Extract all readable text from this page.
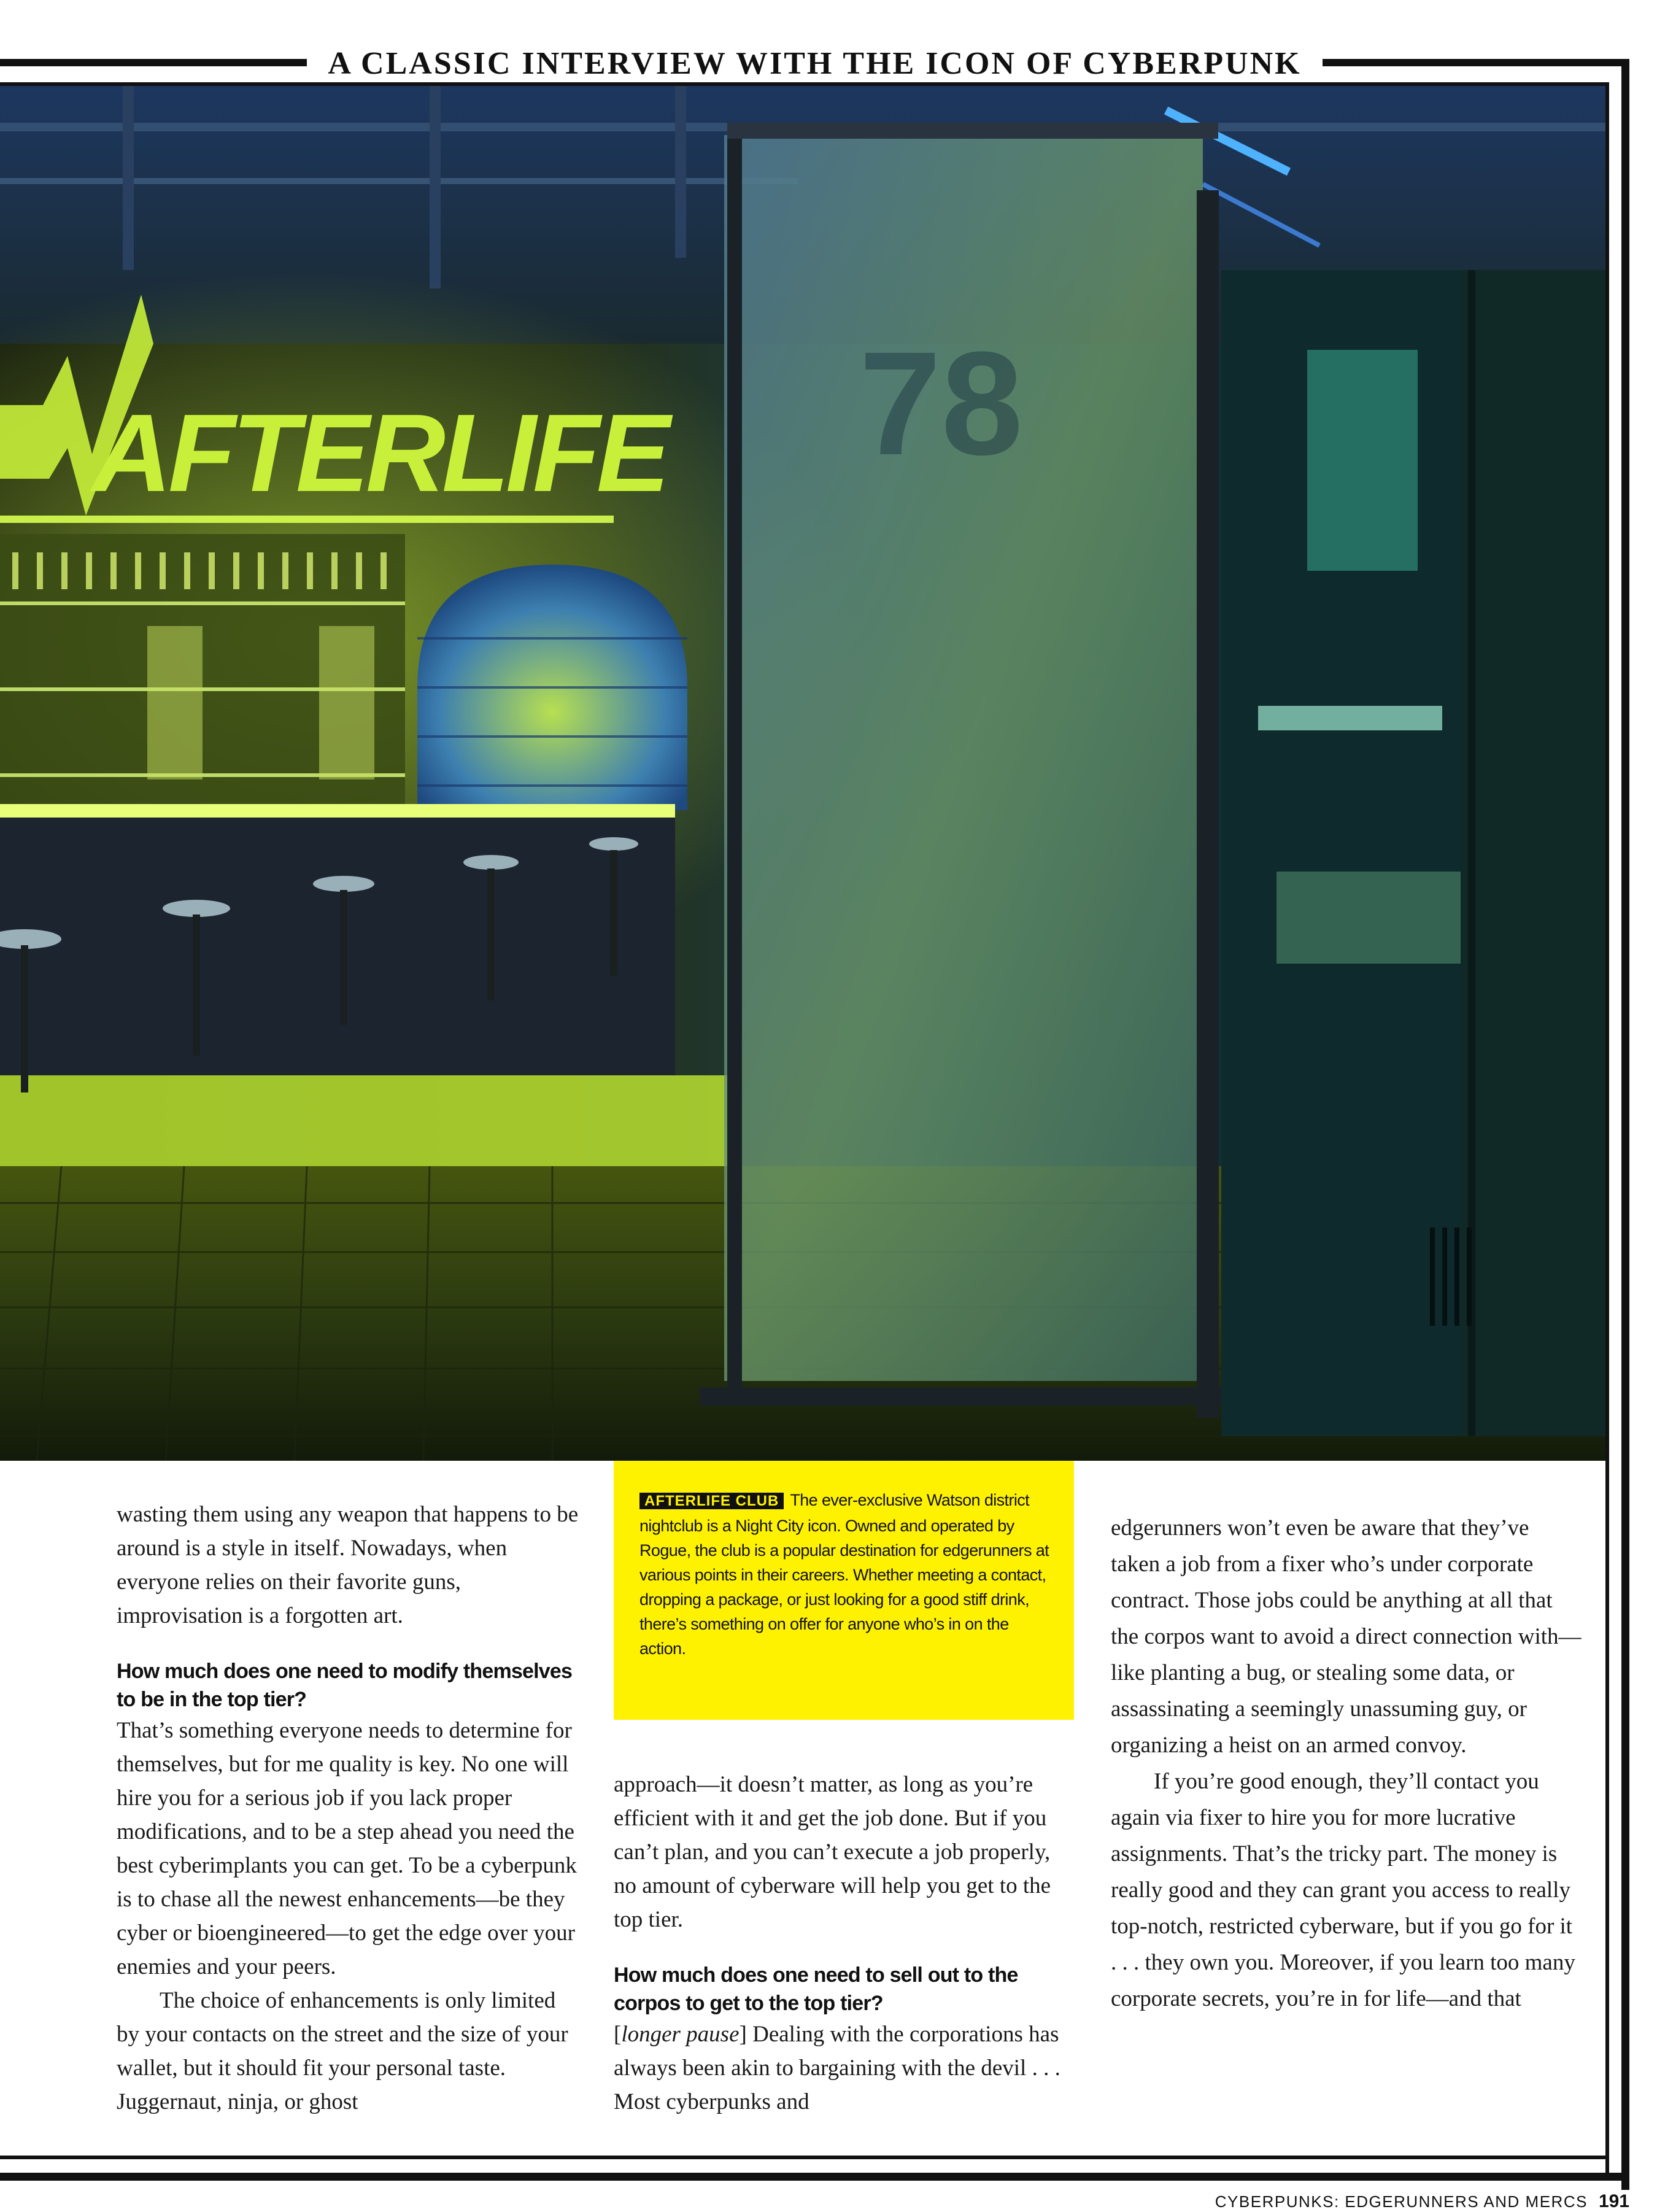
A CLASSIC INTERVIEW WITH THE ICON OF CYBERPUNK
AFTERLIFE 78

wasting them using any weapon that happens to be around is a style in itself. Nowadays, when everyone relies on their favorite guns, improvisation is a forgotten art.

How much does one need to modify themselves to be in the top tier?

That’s something everyone needs to determine for themselves, but for me quality is key. No one will hire you for a serious job if you lack proper modifications, and to be a step ahead you need the best cyberimplants you can get. To be a cyberpunk is to chase all the newest enhancements—be they cyber or bioengineered—to get the edge over your enemies and your peers.

The choice of enhancements is only limited by your contacts on the street and the size of your wallet, but it should fit your personal taste. Juggernaut, ninja, or ghost

AFTERLIFE CLUB The ever-exclusive Watson district nightclub is a Night City icon. Owned and operated by Rogue, the club is a popular destination for edgerunners at various points in their careers. Whether meeting a contact, dropping a package, or just looking for a good stiff drink, there’s something on offer for anyone who’s in on the action.

approach—it doesn’t matter, as long as you’re efficient with it and get the job done. But if you can’t plan, and you can’t execute a job properly, no amount of cyberware will help you get to the top tier.

How much does one need to sell out to the corpos to get to the top tier?

[longer pause] Dealing with the corporations has always been akin to bargaining with the devil . . . Most cyberpunks and

edgerunners won’t even be aware that they’ve taken a job from a fixer who’s under corporate contract. Those jobs could be anything at all that the corpos want to avoid a direct connection with—like planting a bug, or stealing some data, or assassinating a seemingly unassuming guy, or organizing a heist on an armed convoy.

If you’re good enough, they’ll contact you again via fixer to hire you for more lucrative assignments. That’s the tricky part. The money is really good and they can grant you access to really top-notch, restricted cyberware, but if you go for it . . . they own you. Moreover, if you learn too many corporate secrets, you’re in for life—and that

CYBERPUNKS: EDGERUNNERS AND MERCS 191
